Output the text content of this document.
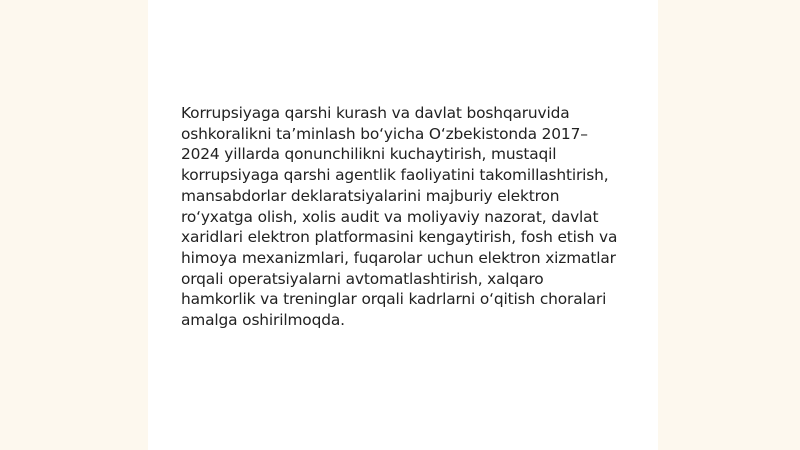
Korrupsiyaga qarshi kurash va davlat boshqaruvida oshkoralikni ta’minlash bo‘yicha O‘zbekistonda 2017–2024 yillarda qonunchilikni kuchaytirish, mustaqil korrupsiyaga qarshi agentlik faoliyatini takomillashtirish, mansabdorlar deklaratsiyalarini majburiy elektron ro‘yxatga olish, xolis audit va moliyaviy nazorat, davlat xaridlari elektron platformasini kengaytirish, fosh etish va himoya mexanizmlari, fuqarolar uchun elektron xizmatlar orqali operatsiyalarni avtomatlashtirish, xalqaro hamkorlik va treninglar orqali kadrlarni o‘qitish choralari amalga oshirilmoqda.
